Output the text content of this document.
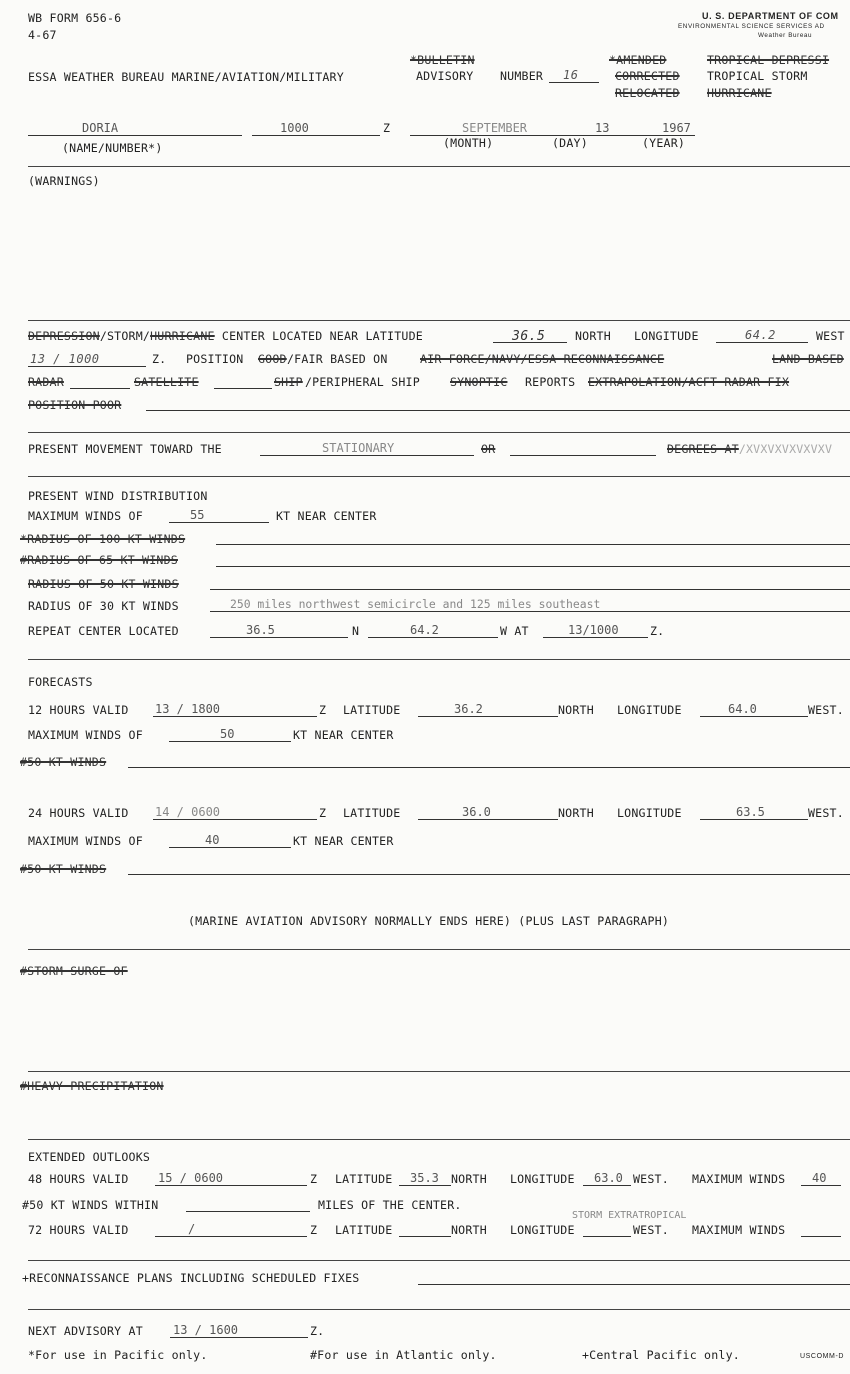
WB FORM 656-6
4-67
U. S. DEPARTMENT OF COM
ENVIRONMENTAL SCIENCE SERVICES AD
Weather Bureau
ESSA WEATHER BUREAU MARINE/AVIATION/MILITARY
*BULLETIN
ADVISORY NUMBER 16
*AMENDED
CORRECTED
RELOCATED
TROPICAL DEPRESSI
TROPICAL STORM
HURRICANE
DORIA	1000	Z	SEPTEMBER	13	1967
(NAME/NUMBER*)	(MONTH)	(DAY)	(YEAR)
(WARNINGS)
DEPRESSION/STORM/HURRICANE CENTER LOCATED NEAR LATITUDE	36.5	NORTH LONGITUDE	64.2	WEST
13 / 1000	Z. POSITION GOOD /FAIR BASED ON	AIR FORCE/NAVY/ESSA RECONNAISSANCE	LAND BASED
RADAR	SATELLITE	SHIP /PERIPHERAL SHIP	SYNOPTIC REPORTS EXTRAPOLATION/ACFT RADAR FIX
POSITION POOR
PRESENT MOVEMENT TOWARD THE	STATIONARY	OR	DEGREES AT/XVXVXVXVXVXV
PRESENT WIND DISTRIBUTION
MAXIMUM WINDS OF	55	KT NEAR CENTER
*RADIUS OF 100 KT WINDS
#RADIUS OF 65 KT WINDS
RADIUS OF 50 KT WINDS
RADIUS OF 30 KT WINDS	250 miles northwest semicircle and 125 miles southeast
REPEAT CENTER LOCATED	36.5	N	64.2	W AT	13/1000	Z.
FORECASTS
12 HOURS VALID 13 / 1800	Z LATITUDE	36.2	NORTH LONGITUDE	64.0	WEST.
MAXIMUM WINDS OF	50	KT NEAR CENTER
#50 KT WINDS
24 HOURS VALID 14 / 0600	Z LATITUDE	36.0	NORTH LONGITUDE	63.5	WEST.
MAXIMUM WINDS OF	40	KT NEAR CENTER
#50 KT WINDS
(MARINE AVIATION ADVISORY NORMALLY ENDS HERE) (PLUS LAST PARAGRAPH)
#STORM SURGE OF
#HEAVY PRECIPITATION
EXTENDED OUTLOOKS
48 HOURS VALID 15 / 0600	Z LATITUDE 35.3 NORTH LONGITUDE 63.0 WEST. MAXIMUM WINDS 40
#50 KT WINDS WITHIN	MILES OF THE CENTER.
STORM EXTRATROPICAL
72 HOURS VALID	/	Z LATITUDE	NORTH LONGITUDE	WEST. MAXIMUM WINDS
+RECONNAISSANCE PLANS INCLUDING SCHEDULED FIXES
NEXT ADVISORY AT	13 / 1600	Z.
*For use in Pacific only.	#For use in Atlantic only.	+Central Pacific only.	USCOMM-D
